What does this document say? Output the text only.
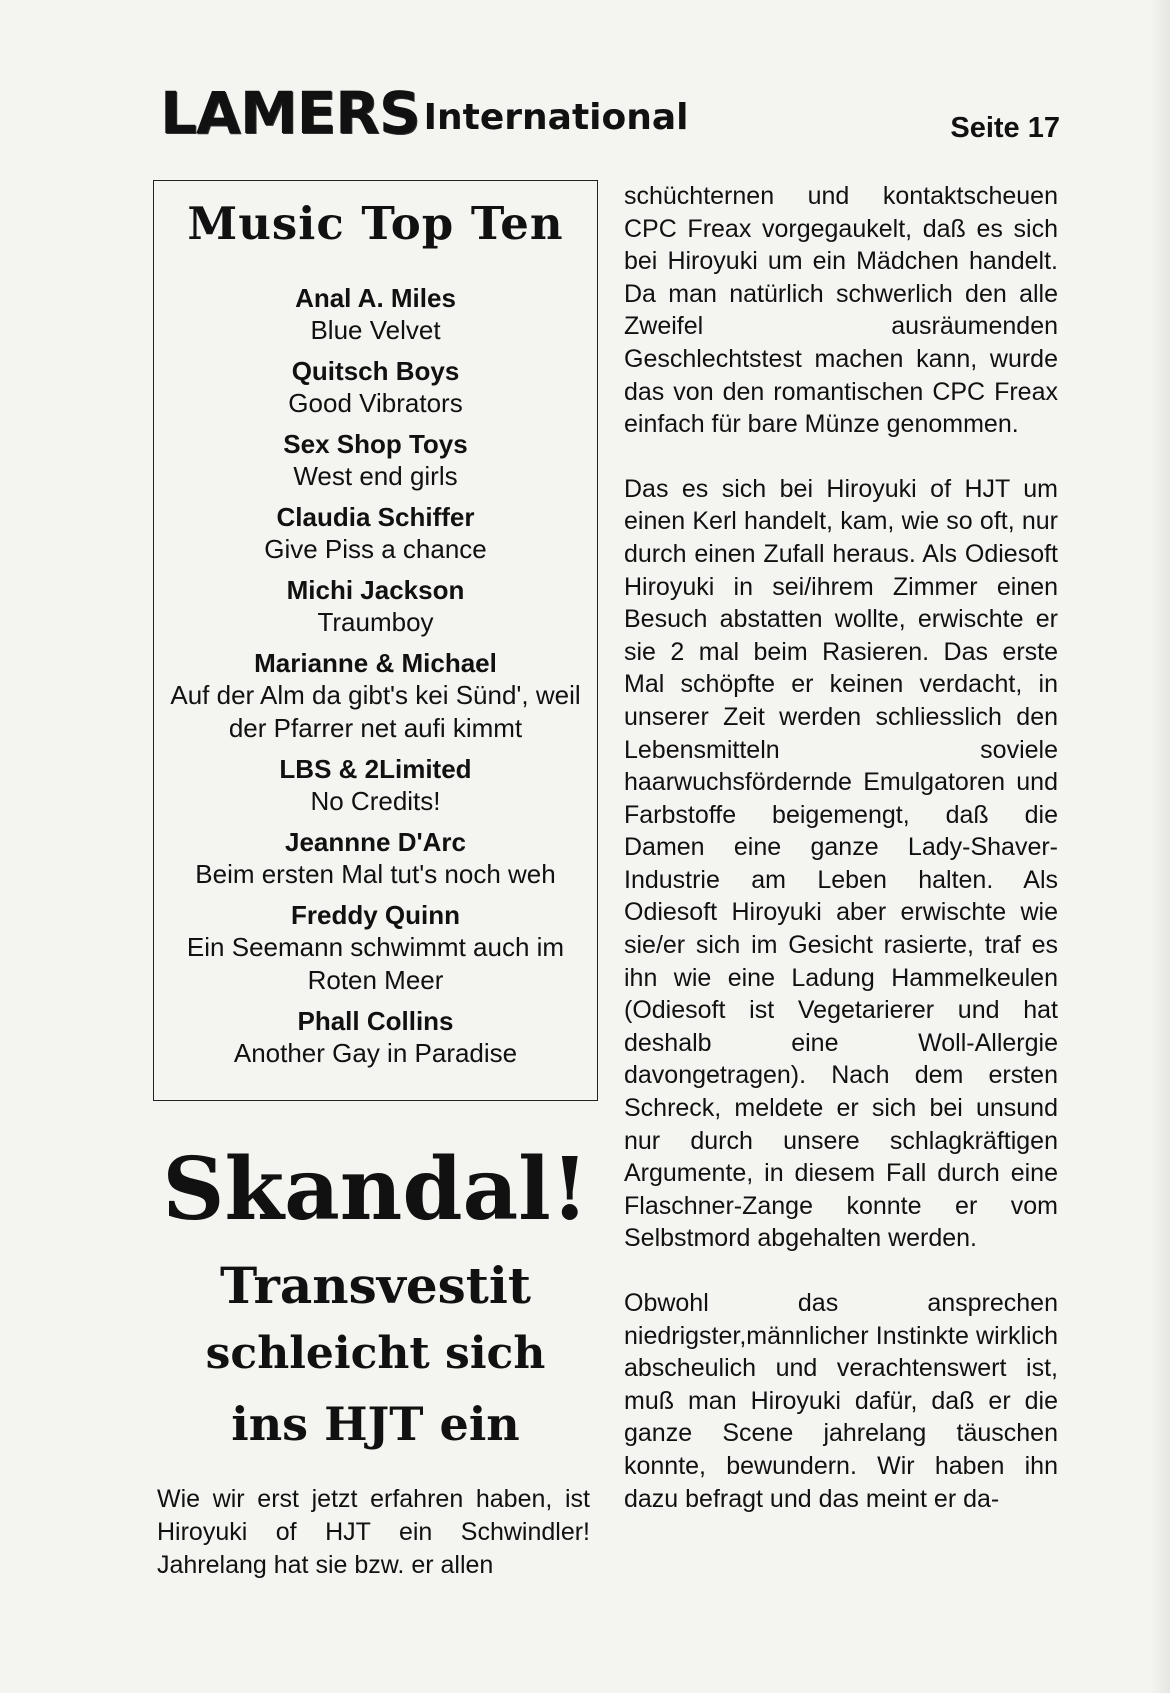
LAMERS International	Seite 17
Music Top Ten
Anal A. Miles
Blue Velvet
Quitsch Boys
Good Vibrators
Sex Shop Toys
West end girls
Claudia Schiffer
Give Piss a chance
Michi Jackson
Traumboy
Marianne & Michael
Auf der Alm da gibt's kei Sünd', weil der Pfarrer net aufi kimmt
LBS & 2Limited
No Credits!
Jeannne D'Arc
Beim ersten Mal tut's noch weh
Freddy Quinn
Ein Seemann schwimmt auch im Roten Meer
Phall Collins
Another Gay in Paradise
Skandal!
Transvestit
schleicht sich
ins HJT ein
Wie wir erst jetzt erfahren haben, ist Hiroyuki of HJT ein Schwindler! Jahrelang hat sie bzw. er allen

schüchternen und kontaktscheuen CPC Freax vorgegaukelt, daß es sich bei Hiroyuki um ein Mädchen handelt. Da man natürlich schwerlich den alle Zweifel ausräumenden Geschlechtstest machen kann, wurde das von den romantischen CPC Freax einfach für bare Münze genommen.

Das es sich bei Hiroyuki of HJT um einen Kerl handelt, kam, wie so oft, nur durch einen Zufall heraus. Als Odiesoft Hiroyuki in sei/ihrem Zimmer einen Besuch abstatten wollte, erwischte er sie 2 mal beim Rasieren. Das erste Mal schöpfte er keinen verdacht, in unserer Zeit werden schliesslich den Lebensmitteln soviele haarwuchsfördernde Emulgatoren und Farbstoffe beigemengt, daß die Damen eine ganze Lady-Shaver-Industrie am Leben halten. Als Odiesoft Hiroyuki aber erwischte wie sie/er sich im Gesicht rasierte, traf es ihn wie eine Ladung Hammelkeulen (Odiesoft ist Vegetarierer und hat deshalb eine Woll-Allergie davongetragen). Nach dem ersten Schreck, meldete er sich bei unsund nur durch unsere schlagkräftigen Argumente, in diesem Fall durch eine Flaschner-Zange konnte er vom Selbstmord abgehalten werden.

Obwohl das ansprechen niedrigster,männlicher Instinkte wirklich abscheulich und verachtenswert ist, muß man Hiroyuki dafür, daß er die ganze Scene jahrelang täuschen konnte, bewundern. Wir haben ihn dazu befragt und das meint er da-
